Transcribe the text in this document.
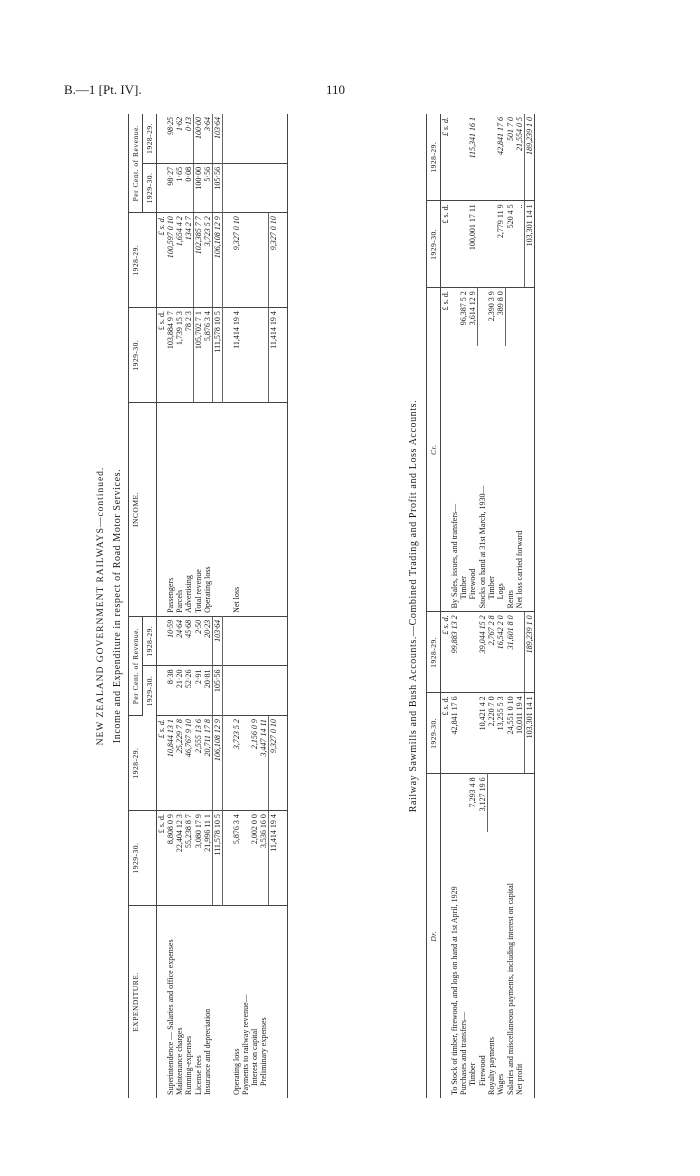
B.—1 [Pt. IV].	110
NEW ZEALAND GOVERNMENT RAILWAYS—continued. Income and Expenditure in respect of Road Motor Services.
EXPENDITURE.	1929-30.	1928-29.	Per Cent. of Revenue.		INCOME.	1929-30.	1928-29.	Per Cent. of Revenue.	
			1929-30.	1928-29.				1929-30.	1928-29.
	£ s. d.	£ s. d.				£ s. d.	£ s. d.		
Superintendence — Salaries and office expenses	8,808 0 9	10,844 13 1	8·38	10·59	Passengers	103,884 9 7	100,597 0 10	98·27	98·25
Maintenance charges	22,404 12 3	25,229 7 8	21·20	24·64	Parcels	1,739 15 3	1,654 4 2	1·65	1·62
Running-expenses	55,238 8 7	46,767 9 10	52·26	45·68	Advertising	78 2 3	134 2 7	0·08	0·13
License fees	3,080 17 9	2,555 13 6	2·91	2·50	Total revenue	105,702 7 1	102,385 7 7	100·00	100·00
Insurance and depreciation	21,996 11 1	20,711 17 8	20·81	20·23	Operating loss	5,876 3 4	3,723 5 2	5·56	3·64
	111,578 10 5	106,108 12 9	105·56	103·64		111,578 10 5	106,108 12 9	105·56	103·64

Operating loss	5,876 3 4	3,723 5 2			Net loss	11,414 19 4	9,327 0 10		
Payments to railway revenue—									
Interest on capital	2,002 0 0	2,156 0 9							
Preliminary expenses	3,536 16 0	3,447 14 11							
	11,414 19 4	9,327 0 10				11,414 19 4	9,327 0 10		

Railway Sawmills and Bush Accounts.—Combined Trading and Profit and Loss Accounts.
Dr.		1929-30.	1928-29.	Cr.		1929-30.	1928-29.
		£ s. d.	£ s. d.		£ s. d.	£ s. d.	£ s. d.
To Stock of timber, firewood, and logs on hand at 1st April, 1929		42,841 17 6	99,883 13 2	By Sales, issues, and transfers—			
Purchases and transfers—				Timber	96,387 5 2		
Timber	7,293 4 8			Firewood	3,614 12 9	100,001 17 11	115,341 16 1
Firewood	3,127 19 6	10,421 4 2	39,044 15 2	Stocks on hand at 31st March, 1930—			
Royalty payments		2,220 7 0	2,767 2 8	Timber	2,390 3 9		
Wages		13,255 5 3	16,542 2 0	Logs	389 8 0	2,779 11 9	42,841 17 6
Salaries and miscellaneous payments, including interest on capital		24,551 0 10	31,601 8 0	Rents		520 4 5	501 7 0
Net profit		10,011 19 4		Net loss carried forward		..	21,554 0 5
		103,301 14 1	189,239 1 0			103,301 14 1	189,239 1 0
